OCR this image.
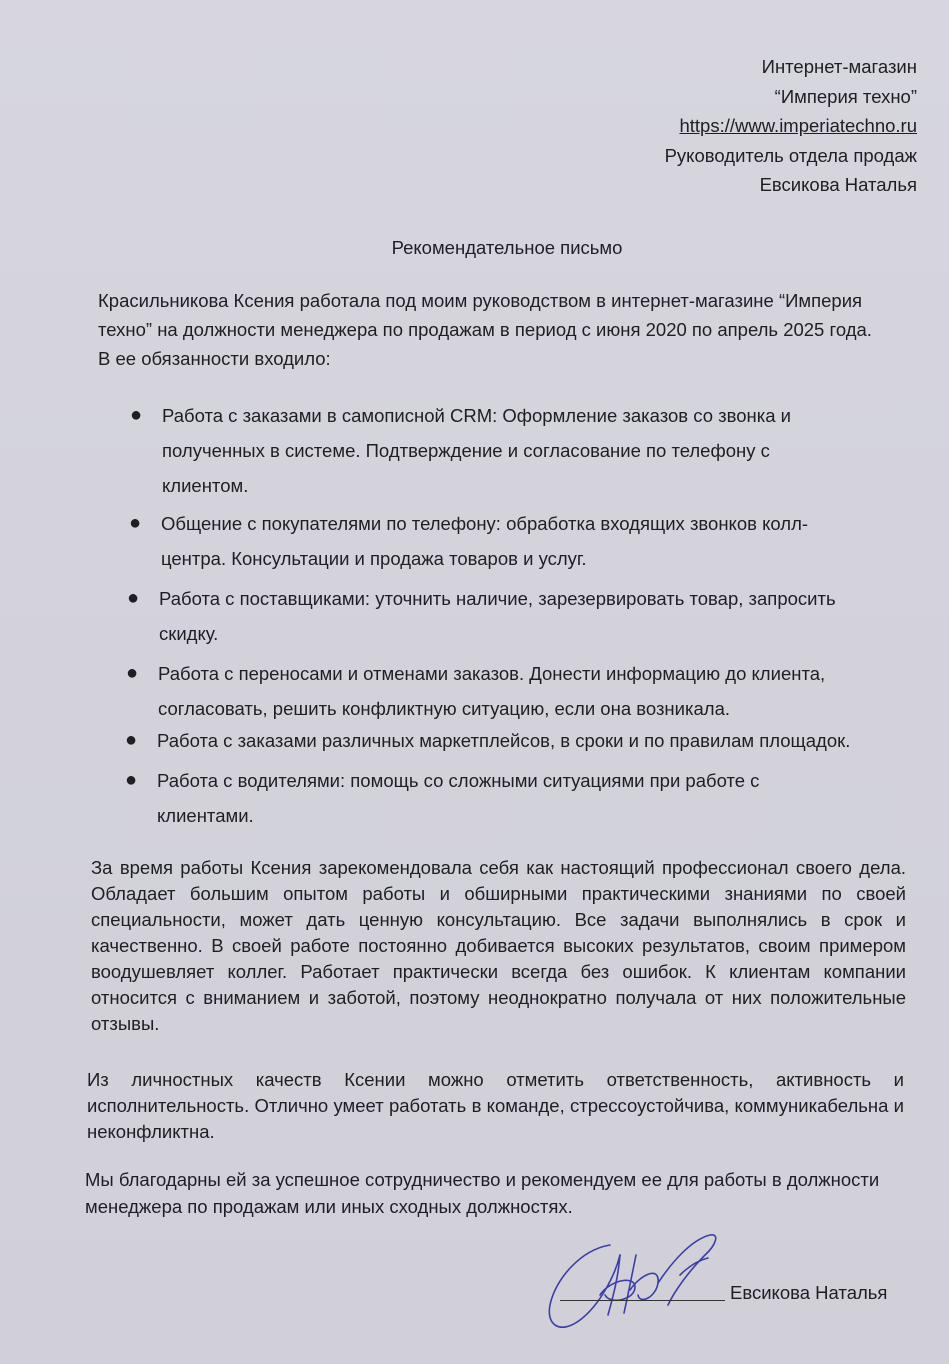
Интернет-магазин
“Империя техно”
https://www.imperiatechno.ru
Руководитель отдела продаж
Евсикова Наталья
Рекомендательное письмо

Красильникова Ксения работала под моим руководством в интернет-магазине “Империя техно” на должности менеджера по продажам в период с июня 2020 по апрель 2025 года. В ее обязанности входило:

● Работа с заказами в самописной CRM: Оформление заказов со звонка и
полученных в системе. Подтверждение и согласование по телефону с
клиентом.
● Общение с покупателями по телефону: обработка входящих звонков колл-
центра. Консультации и продажа товаров и услуг.
● Работа с поставщиками: уточнить наличие, зарезервировать товар, запросить
скидку.
● Работа с переносами и отменами заказов. Донести информацию до клиента,
согласовать, решить конфликтную ситуацию, если она возникала.
● Работа с заказами различных маркетплейсов, в сроки и по правилам площадок.
● Работа с водителями: помощь со сложными ситуациями при работе с
клиентами.

За время работы Ксения зарекомендовала себя как настоящий профессионал своего дела. Обладает большим опытом работы и обширными практическими знаниями по своей специальности, может дать ценную консультацию. Все задачи выполнялись в срок и качественно. В своей работе постоянно добивается высоких результатов, своим примером воодушевляет коллег. Работает практически всегда без ошибок. К клиентам компании относится с вниманием и заботой, поэтому неоднократно получала от них положительные отзывы.

Из личностных качеств Ксении можно отметить ответственность, активность и исполнительность. Отлично умеет работать в команде, стрессоустойчива, коммуникабельна и неконфликтна.

Мы благодарны ей за успешное сотрудничество и рекомендуем ее для работы в должности менеджера по продажам или иных сходных должностях.

Евсикова Наталья
